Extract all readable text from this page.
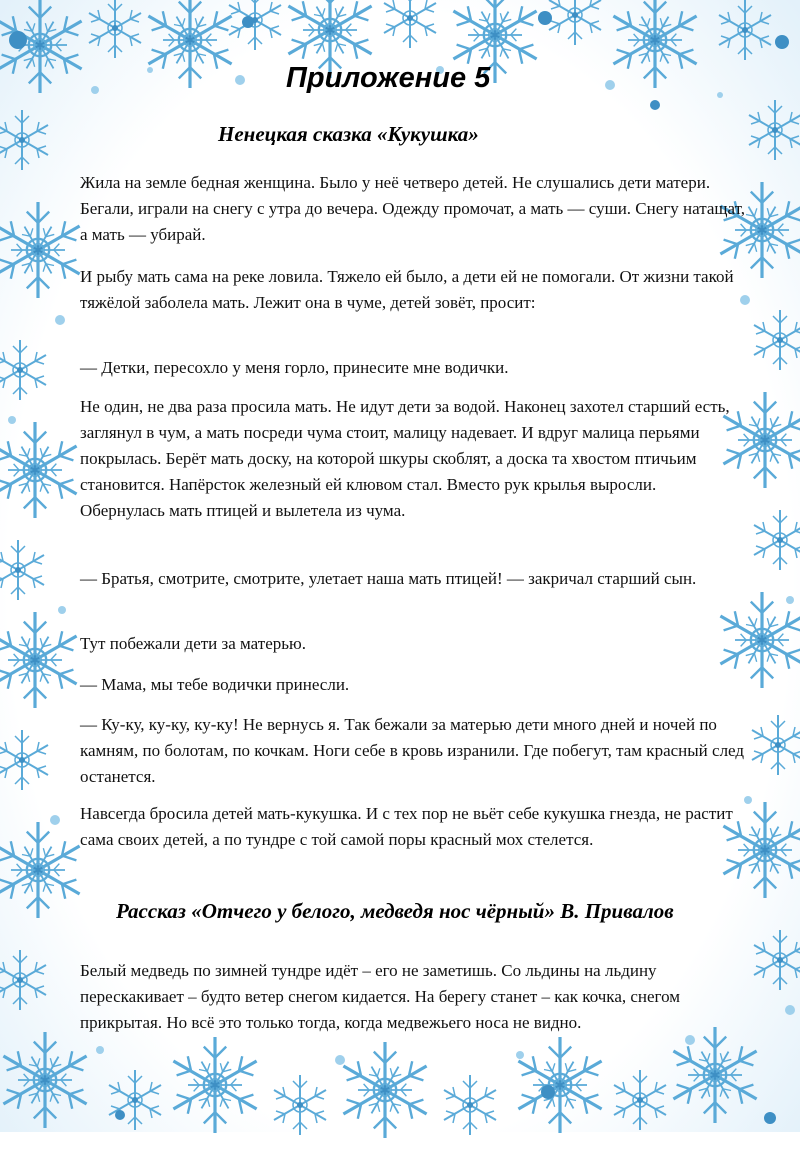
Приложение 5
Ненецкая сказка «Кукушка»

Жила на земле бедная женщина. Было у неё четверо детей. Не слушались дети матери. Бегали, играли на снегу с утра до вечера. Одежду промочат, а мать — суши. Снегу натащат, а мать — убирай.

И рыбу мать сама на реке ловила. Тяжело ей было, а дети ей не помогали. От жизни такой тяжёлой заболела мать. Лежит она в чуме, детей зовёт, просит:

— Детки, пересохло у меня горло, принесите мне водички.

Не один, не два раза просила мать. Не идут дети за водой. Наконец захотел старший есть, заглянул в чум, а мать посреди чума стоит, малицу надевает. И вдруг малица перьями покрылась. Берёт мать доску, на которой шкуры скоблят, а доска та хвостом птичьим становится. Напёрсток железный ей клювом стал. Вместо рук крылья выросли. Обернулась мать птицей и вылетела из чума.

— Братья, смотрите, смотрите, улетает наша мать птицей! — закричал старший сын.

Тут побежали дети за матерью.

— Мама, мы тебе водички принесли.

— Ку-ку, ку-ку, ку-ку! Не вернусь я. Так бежали за матерью дети много дней и ночей по камням, по болотам, по кочкам. Ноги себе в кровь изранили. Где побегут, там красный след останется.

Навсегда бросила детей мать-кукушка. И с тех пор не вьёт себе кукушка гнезда, не растит сама своих детей, а по тундре с той самой поры красный мох стелется.

Рассказ «Отчего у белого, медведя нос чёрный» В. Привалов

Белый медведь по зимней тундре идёт – его не заметишь. Со льдины на льдину перескакивает – будто ветер снегом кидается. На берегу станет – как кочка, снегом прикрытая. Но всё это только тогда, когда медвежьего носа не видно.
